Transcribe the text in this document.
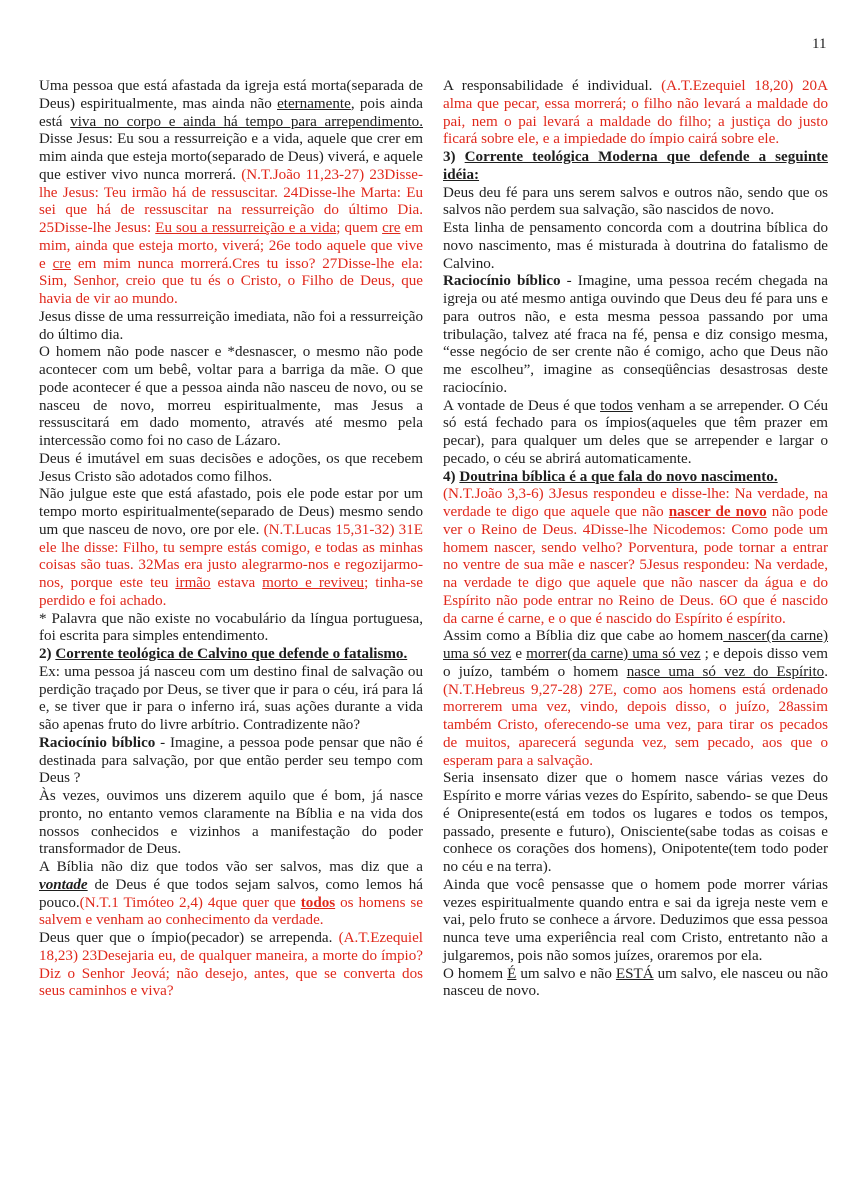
11

Uma pessoa que está afastada da igreja está morta(separada de Deus) espiritualmente, mas ainda não eternamente, pois ainda está viva no corpo e ainda há tempo para arrependimento. Disse Jesus: Eu sou a ressurreição e a vida, aquele que crer em mim ainda que esteja morto(separado de Deus) viverá, e aquele que estiver vivo nunca morrerá. (N.T.João 11,23-27) 23Disse-lhe Jesus: Teu irmão há de ressuscitar. 24Disse-lhe Marta: Eu sei que há de ressuscitar na ressurreição do último Dia. 25Disse-lhe Jesus: Eu sou a ressurreição e a vida; quem cre em mim, ainda que esteja morto, viverá; 26e todo aquele que vive e cre em mim nunca morrerá.Cres tu isso? 27Disse-lhe ela: Sim, Senhor, creio que tu és o Cristo, o Filho de Deus, que havia de vir ao mundo.

Jesus disse de uma ressurreição imediata, não foi a ressurreição do último dia.

O homem não pode nascer e *desnascer, o mesmo não pode acontecer com um bebê, voltar para a barriga da mãe. O que pode acontecer é que a pessoa ainda não nasceu de novo, ou se nasceu de novo, morreu espiritualmente, mas Jesus a ressuscitará em dado momento, através até mesmo pela intercessão como foi no caso de Lázaro.

Deus é imutável em suas decisões e adoções, os que recebem Jesus Cristo são adotados como filhos.

Não julgue este que está afastado, pois ele pode estar por um tempo morto espiritualmente(separado de Deus) mesmo sendo um que nasceu de novo, ore por ele. (N.T.Lucas 15,31-32) 31E ele lhe disse: Filho, tu sempre estás comigo, e todas as minhas coisas são tuas. 32Mas era justo alegrarmo-nos e regozijarmo-nos, porque este teu irmão estava morto e reviveu; tinha-se perdido e foi achado.

* Palavra que não existe no vocabulário da língua portuguesa, foi escrita para simples entendimento.

2) Corrente teológica de Calvino que defende o fatalismo.

Ex: uma pessoa já nasceu com um destino final de salvação ou perdição traçado por Deus, se tiver que ir para o céu, irá para lá e, se tiver que ir para o inferno irá, suas ações durante a vida são apenas fruto do livre arbítrio. Contradizente não?

Raciocínio bíblico - Imagine, a pessoa pode pensar que não é destinada para salvação, por que então perder seu tempo com Deus ?

Às vezes, ouvimos uns dizerem aquilo que é bom, já nasce pronto, no entanto vemos claramente na Bíblia e na vida dos nossos conhecidos e vizinhos a manifestação do poder transformador de Deus.

A Bíblia não diz que todos vão ser salvos, mas diz que a vontade de Deus é que todos sejam salvos, como lemos há pouco.(N.T.1 Timóteo 2,4) 4que quer que todos os homens se salvem e venham ao conhecimento da verdade.

Deus quer que o ímpio(pecador) se arrependa. (A.T.Ezequiel 18,23) 23Desejaria eu, de qualquer maneira, a morte do ímpio? Diz o Senhor Jeová; não desejo, antes, que se converta dos seus caminhos e viva?

A responsabilidade é individual. (A.T.Ezequiel 18,20) 20A alma que pecar, essa morrerá; o filho não levará a maldade do pai, nem o pai levará a maldade do filho; a justiça do justo ficará sobre ele, e a impiedade do ímpio cairá sobre ele.

3) Corrente teológica Moderna que defende a seguinte idéia:

Deus deu fé para uns serem salvos e outros não, sendo que os salvos não perdem sua salvação, são nascidos de novo.

Esta linha de pensamento concorda com a doutrina bíblica do novo nascimento, mas é misturada à doutrina do fatalismo de Calvino.

Raciocínio bíblico - Imagine, uma pessoa recém chegada na igreja ou até mesmo antiga ouvindo que Deus deu fé para uns e para outros não, e esta mesma pessoa passando por uma tribulação, talvez até fraca na fé, pensa e diz consigo mesma, “esse negócio de ser crente não é comigo, acho que Deus não me escolheu”, imagine as conseqüências desastrosas deste raciocínio.

A vontade de Deus é que todos venham a se arrepender. O Céu só está fechado para os ímpios(aqueles que têm prazer em pecar), para qualquer um deles que se arrepender e largar o pecado, o céu se abrirá automaticamente.

4) Doutrina bíblica é a que fala do novo nascimento.

(N.T.João 3,3-6) 3Jesus respondeu e disse-lhe: Na verdade, na verdade te digo que aquele que não nascer de novo não pode ver o Reino de Deus. 4Disse-lhe Nicodemos: Como pode um homem nascer, sendo velho? Porventura, pode tornar a entrar no ventre de sua mãe e nascer? 5Jesus respondeu: Na verdade, na verdade te digo que aquele que não nascer da água e do Espírito não pode entrar no Reino de Deus. 6O que é nascido da carne é carne, e o que é nascido do Espírito é espírito.

Assim como a Bíblia diz que cabe ao homem nascer(da carne) uma só vez e morrer(da carne) uma só vez ; e depois disso vem o juízo, também o homem nasce uma só vez do Espírito. (N.T.Hebreus 9,27-28) 27E, como aos homens está ordenado morrerem uma vez, vindo, depois disso, o juízo, 28assim também Cristo, oferecendo-se uma vez, para tirar os pecados de muitos, aparecerá segunda vez, sem pecado, aos que o esperam para a salvação.

Seria insensato dizer que o homem nasce várias vezes do Espírito e morre várias vezes do Espírito, sabendo- se que Deus é Onipresente(está em todos os lugares e todos os tempos, passado, presente e futuro), Onisciente(sabe todas as coisas e conhece os corações dos homens), Onipotente(tem todo poder no céu e na terra).

Ainda que você pensasse que o homem pode morrer várias vezes espiritualmente quando entra e sai da igreja neste vem e vai, pelo fruto se conhece a árvore. Deduzimos que essa pessoa nunca teve uma experiência real com Cristo, entretanto não a julgaremos, pois não somos juízes, oraremos por ela.

O homem É um salvo e não ESTÁ um salvo, ele nasceu ou não nasceu de novo.
